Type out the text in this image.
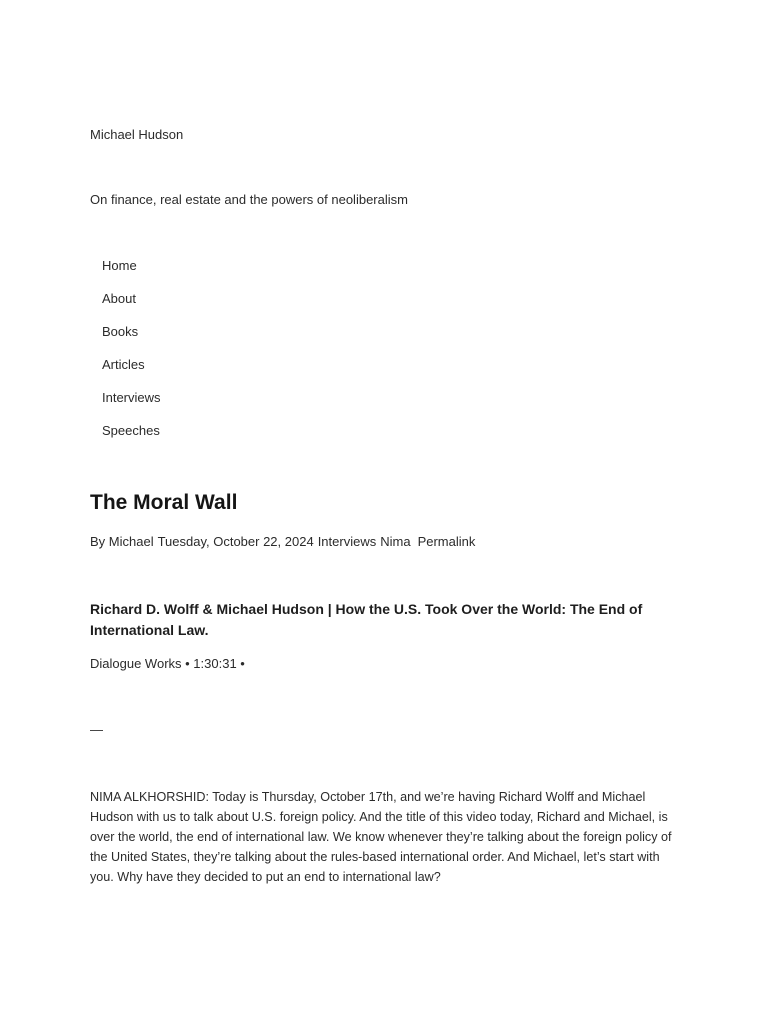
Michael Hudson
On finance, real estate and the powers of neoliberalism
Home
About
Books
Articles
Interviews
Speeches
The Moral Wall
By Michael Tuesday, October 22, 2024 Interviews Nima Permalink
Richard D. Wolff & Michael Hudson | How the U.S. Took Over the World: The End of International Law.
Dialogue Works • 1:30:31 •
—

NIMA ALKHORSHID: Today is Thursday, October 17th, and we’re having Richard Wolff and Michael Hudson with us to talk about U.S. foreign policy. And the title of this video today, Richard and Michael, is over the world, the end of international law. We know whenever they’re talking about the foreign policy of the United States, they’re talking about the rules-based international order. And Michael, let’s start with you. Why have they decided to put an end to international law?
